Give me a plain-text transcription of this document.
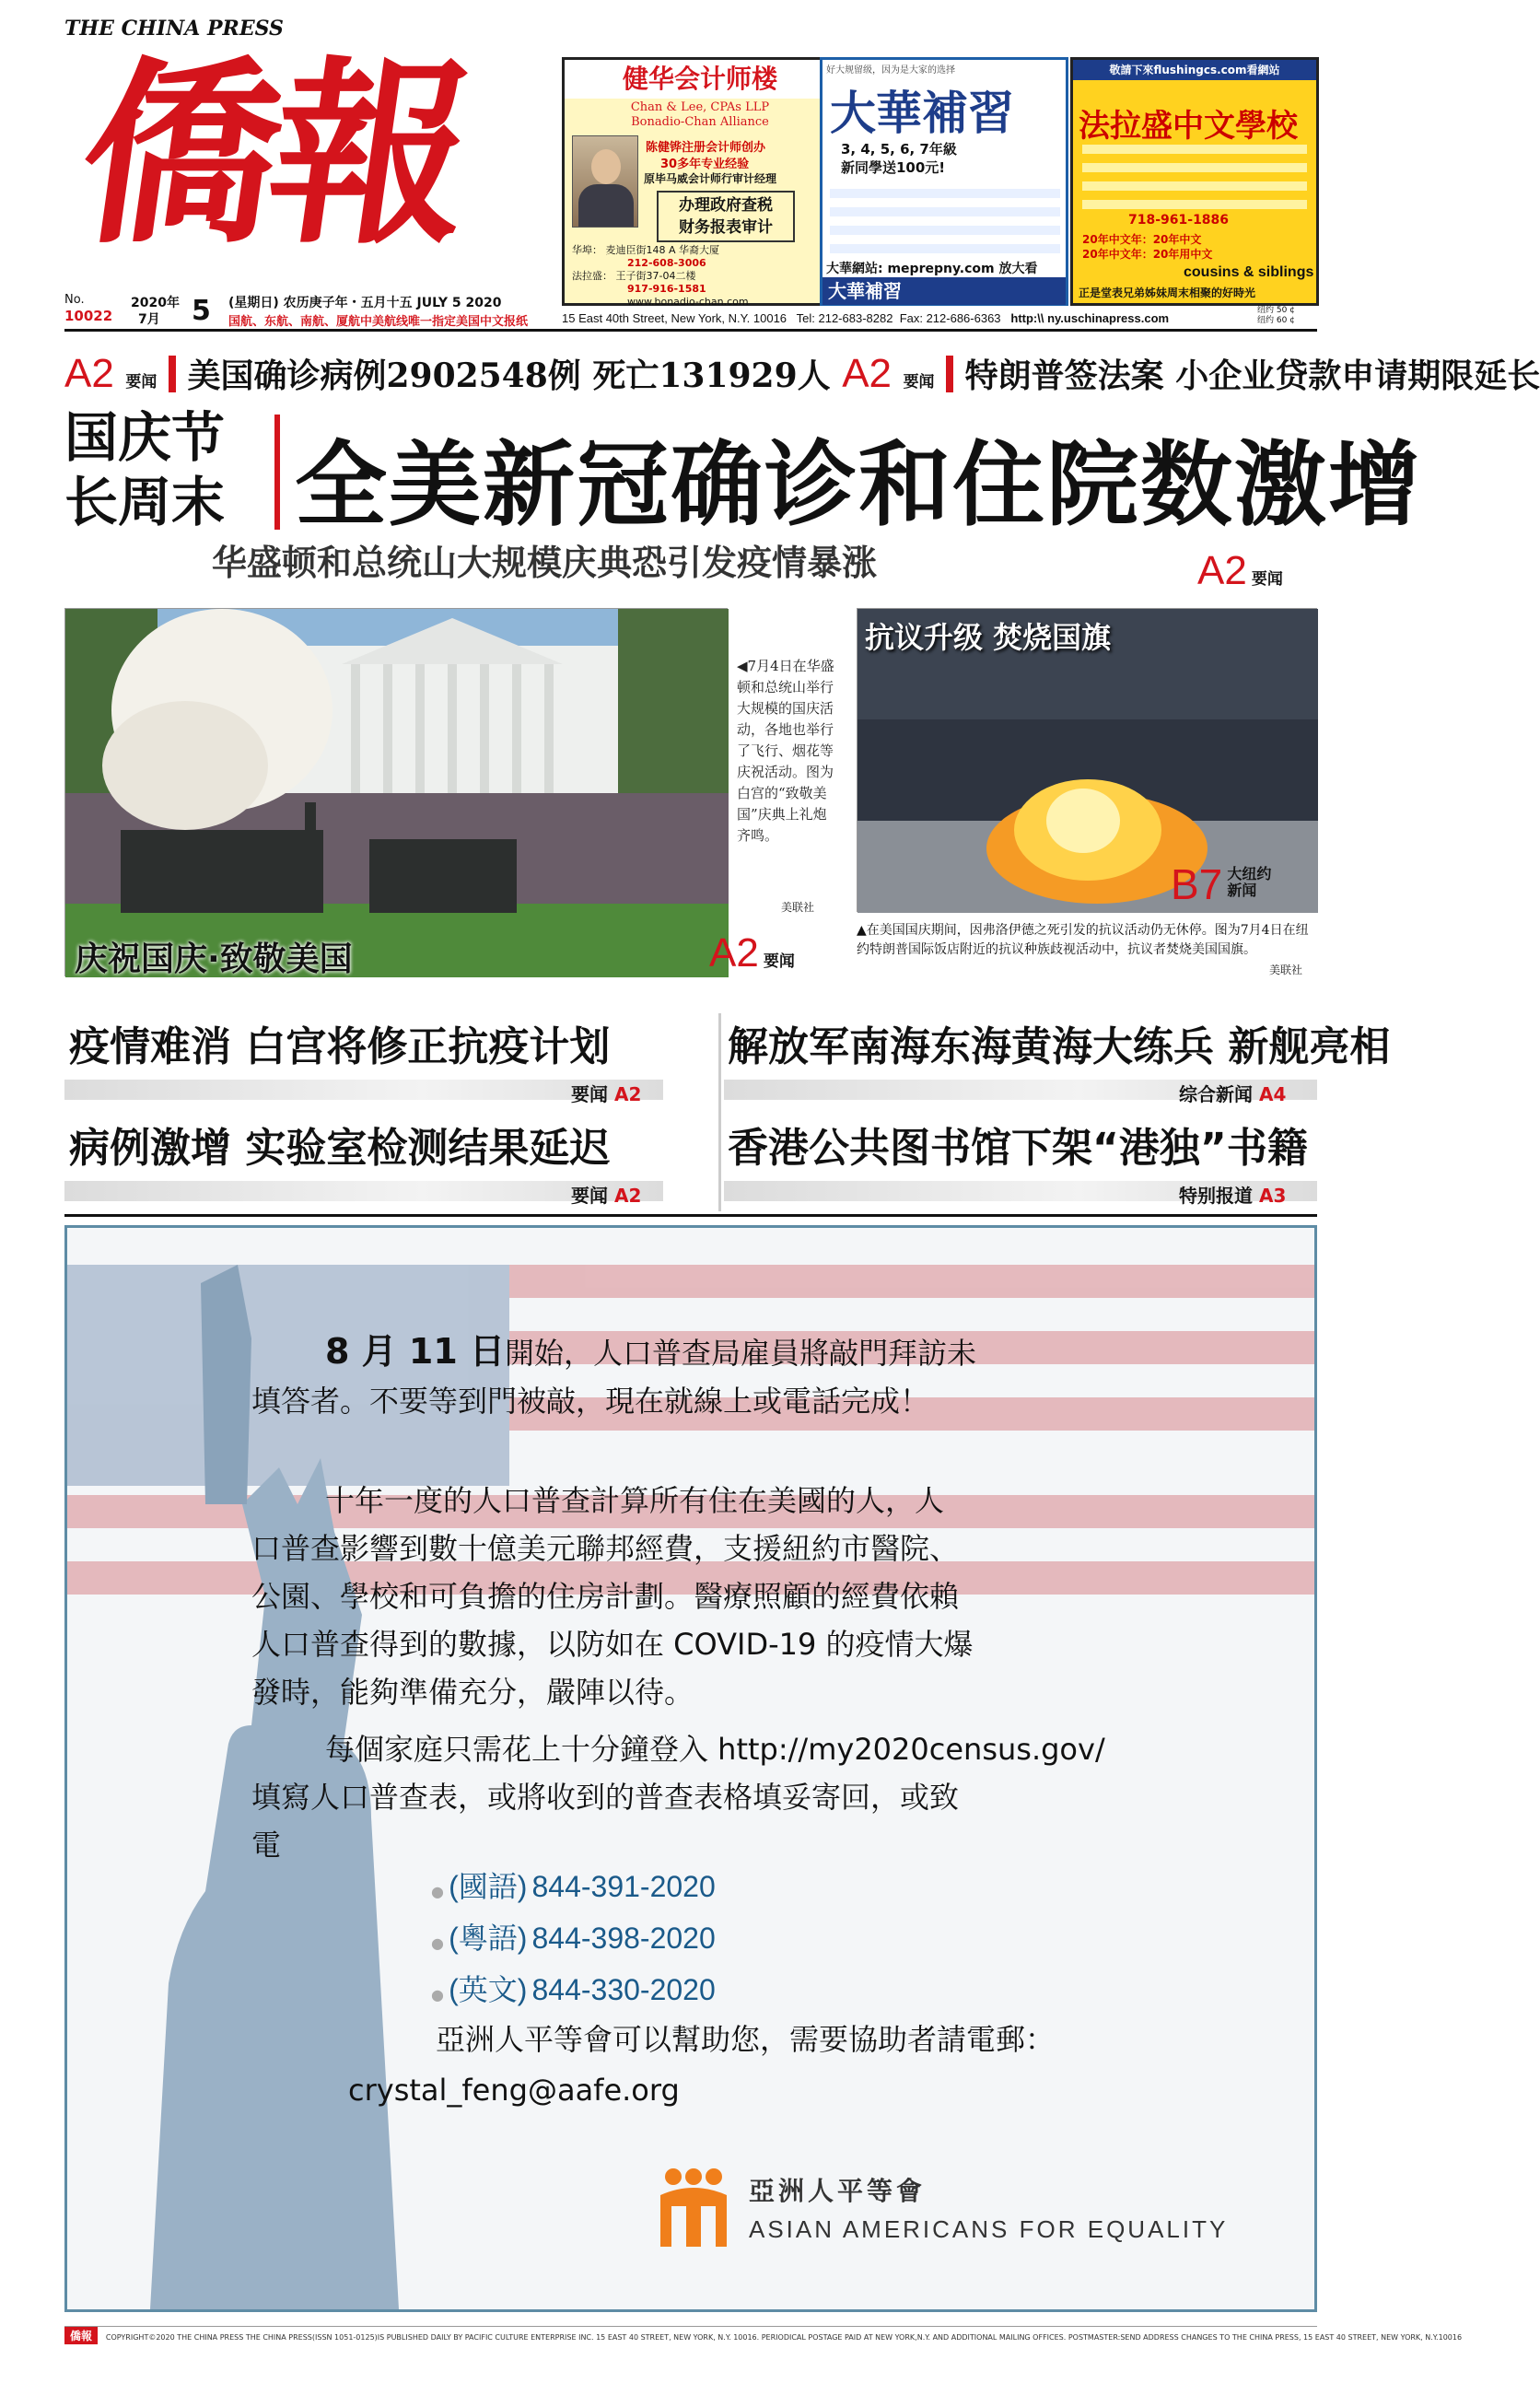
THE CHINA PRESS
僑報	健华会计师楼
Chan & Lee, CPAs LLP
Bonadio-Chan Alliance
陈健铧注册会计师创办
30多年专业经验
原毕马威会计师行审计经理
办理政府查税
财务报表审计
华埠： 麦迪臣街148 A 华裔大厦
212-608-3006
法拉盛： 王子街37-04二楼
917-916-1581
www.bonadio-chan.com
好大规留级，因为是大家的选择
大華補習
3, 4, 5, 6, 7年級
新同學送100元!
大華網站: meprepny.com 放大看
大華補習
敬請下來flushingcs.com看網站
法拉盛中文學校
718-961-1886
20年中文年：20年中文
20年中文年：20年用中文
cousins & siblings
正是堂表兄弟姊妹周末相聚的好時光
No.
10022
2020年
7月 5 (星期日) 农历庚子年・五月十五 JULY 5 2020
国航、东航、南航、厦航中美航线唯一指定美国中文报纸	15 East 40th Street, New York, N.Y. 10016 Tel: 212-683-8282 Fax: 212-686-6363 http:\\ ny.uschinapress.com
纽约 50 ¢
纽约 60 ¢
A2 要闻 美国确诊病例2902548例 死亡131929人 A2 要闻 特朗普签法案 小企业贷款申请期限延长
国庆节
长周末 全美新冠确诊和住院数激增
华盛顿和总统山大规模庆典恐引发疫情暴涨	A2 要闻
庆祝国庆·致敬美国
◀7月4日在华盛顿和总统山举行大规模的国庆活动，各地也举行了飞行、烟花等庆祝活动。图为白宫的“致敬美国”庆典上礼炮齐鸣。
美联社
A2 要闻
抗议升级 焚烧国旗
B7 大纽约
新闻
▲在美国国庆期间，因弗洛伊德之死引发的抗议活动仍无休停。图为7月4日在纽约特朗普国际饭店附近的抗议种族歧视活动中，抗议者焚烧美国国旗。
美联社
疫情难消 白宫将修正抗疫计划
要闻 A2
解放军南海东海黄海大练兵 新舰亮相
综合新闻 A4
病例激增 实验室检测结果延迟
要闻 A2
香港公共图书馆下架“港独”书籍
特别报道 A3
8 月 11 日開始，人口普查局雇員將敲門拜訪未
填答者。不要等到門被敲，現在就線上或電話完成！
十年一度的人口普查計算所有住在美國的人，人
口普查影響到數十億美元聯邦經費，支援紐約市醫院、
公園、學校和可負擔的住房計劃。醫療照顧的經費依賴
人口普查得到的數據，以防如在 COVID-19 的疫情大爆
發時，能夠準備充分，嚴陣以待。
每個家庭只需花上十分鐘登入 http://my2020census.gov/
填寫人口普查表，或將收到的普查表格填妥寄回，或致
電
● (國語) 844-391-2020
● (粵語) 844-398-2020
● (英文) 844-330-2020
亞洲人平等會可以幫助您，需要協助者請電郵：
crystal_feng@aafe.org
亞洲人平等會
ASIAN AMERICANS FOR EQUALITY
僑報 COPYRIGHT©2020 THE CHINA PRESS THE CHINA PRESS(ISSN 1051-0125)IS PUBLISHED DAILY BY PACIFIC CULTURE ENTERPRISE INC. 15 EAST 40 STREET, NEW YORK, N.Y. 10016. PERIODICAL POSTAGE PAID AT NEW YORK,N.Y. AND ADDITIONAL MAILING OFFICES. POSTMASTER:SEND ADDRESS CHANGES TO THE CHINA PRESS, 15 EAST 40 STREET, NEW YORK, N.Y.10016
